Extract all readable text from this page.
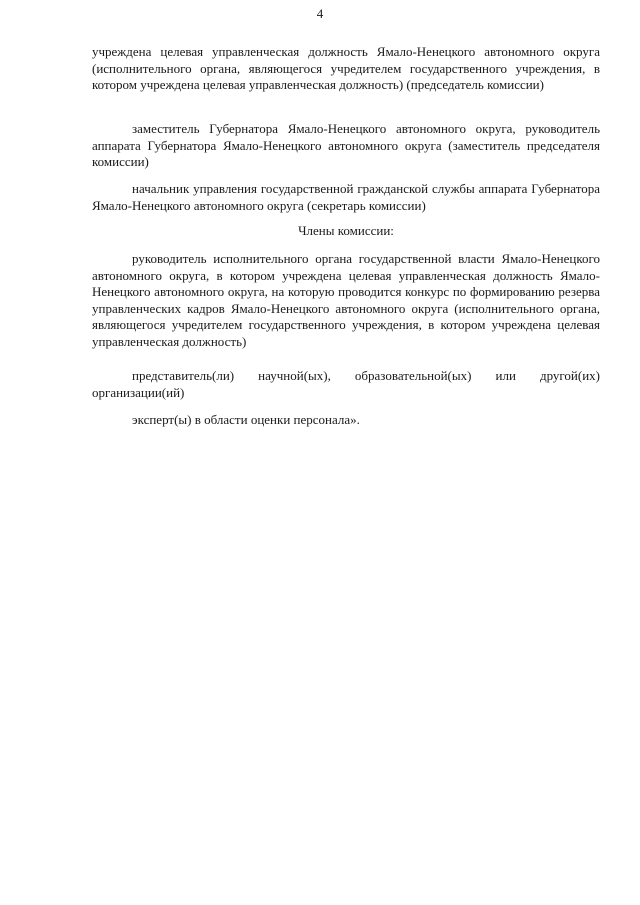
4

учреждена целевая управленческая должность Ямало-Ненецкого автономного округа (исполнительного органа, являющегося учредителем государственного учреждения, в котором учреждена целевая управленческая должность) (председатель комиссии)

заместитель Губернатора Ямало-Ненецкого автономного округа, руководитель аппарата Губернатора Ямало-Ненецкого автономного округа (заместитель председателя комиссии)

начальник управления государственной гражданской службы аппарата Губернатора Ямало-Ненецкого автономного округа (секретарь комиссии)

Члены комиссии:

руководитель исполнительного органа государственной власти Ямало-Ненецкого автономного округа, в котором учреждена целевая управленческая должность Ямало-Ненецкого автономного округа, на которую проводится конкурс по формированию резерва управленческих кадров Ямало-Ненецкого автономного округа (исполнительного органа, являющегося учредителем государственного учреждения, в котором учреждена целевая управленческая должность)

представитель(ли) научной(ых), образовательной(ых) или другой(их) организации(ий)

эксперт(ы) в области оценки персонала».
